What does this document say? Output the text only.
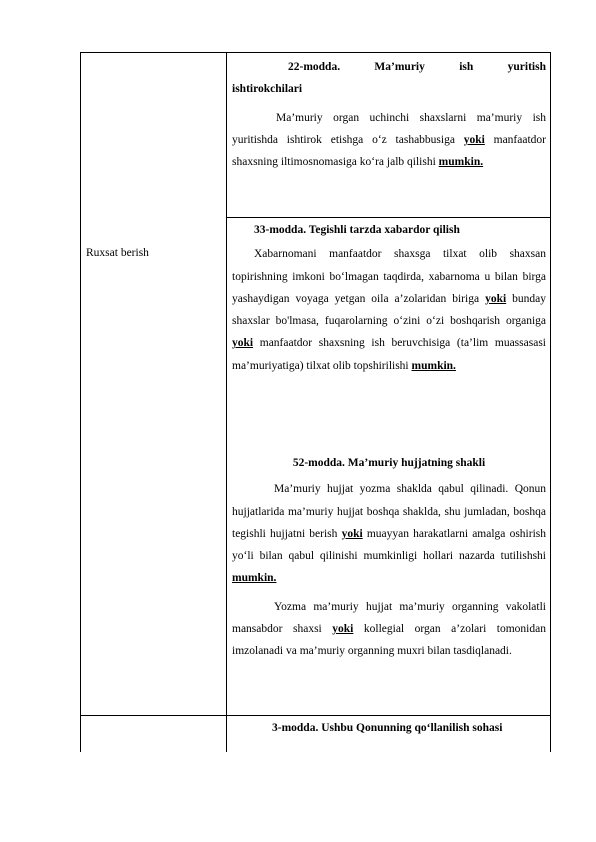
Ruxsat berish
22-modda.	Ma’muriy	ish	yuritish
ishtirokchilari

Ma’muriy organ uchinchi shaxslarni ma’muriy ish yuritishda ishtirok etishga o‘z tashabbusiga yoki manfaatdor shaxsning iltimosnomasiga ko‘ra jalb qilishi mumkin.

33-modda. Tegishli tarzda xabardor qilish

Xabarnomani manfaatdor shaxsga tilxat olib shaxsan topirishning imkoni bo‘lmagan taqdirda, xabarnoma u bilan birga yashaydigan voyaga yetgan oila a’zolaridan biriga yoki bunday shaxslar bo'lmasa, fuqarolarning o‘zini o‘zi boshqarish organiga yoki manfaatdor shaxsning ish beruvchisiga (ta’lim muassasasi ma’muriyatiga) tilxat olib topshirilishi mumkin.

52-modda. Ma’muriy hujjatning shakli

Ma’muriy hujjat yozma shaklda qabul qilinadi. Qonun hujjatlarida ma’muriy hujjat boshqa shaklda, shu jumladan, boshqa tegishli hujjatni berish yoki muayyan harakatlarni amalga oshirish yo‘li bilan qabul qilinishi mumkinligi hollari nazarda tutilishshi mumkin.

Yozma ma’muriy hujjat ma’muriy organning vakolatli mansabdor shaxsi yoki kollegial organ a’zolari tomonidan imzolanadi va ma’muriy organning muxri bilan tasdiqlanadi.

3-modda. Ushbu Qonunning qo‘llanilish sohasi
